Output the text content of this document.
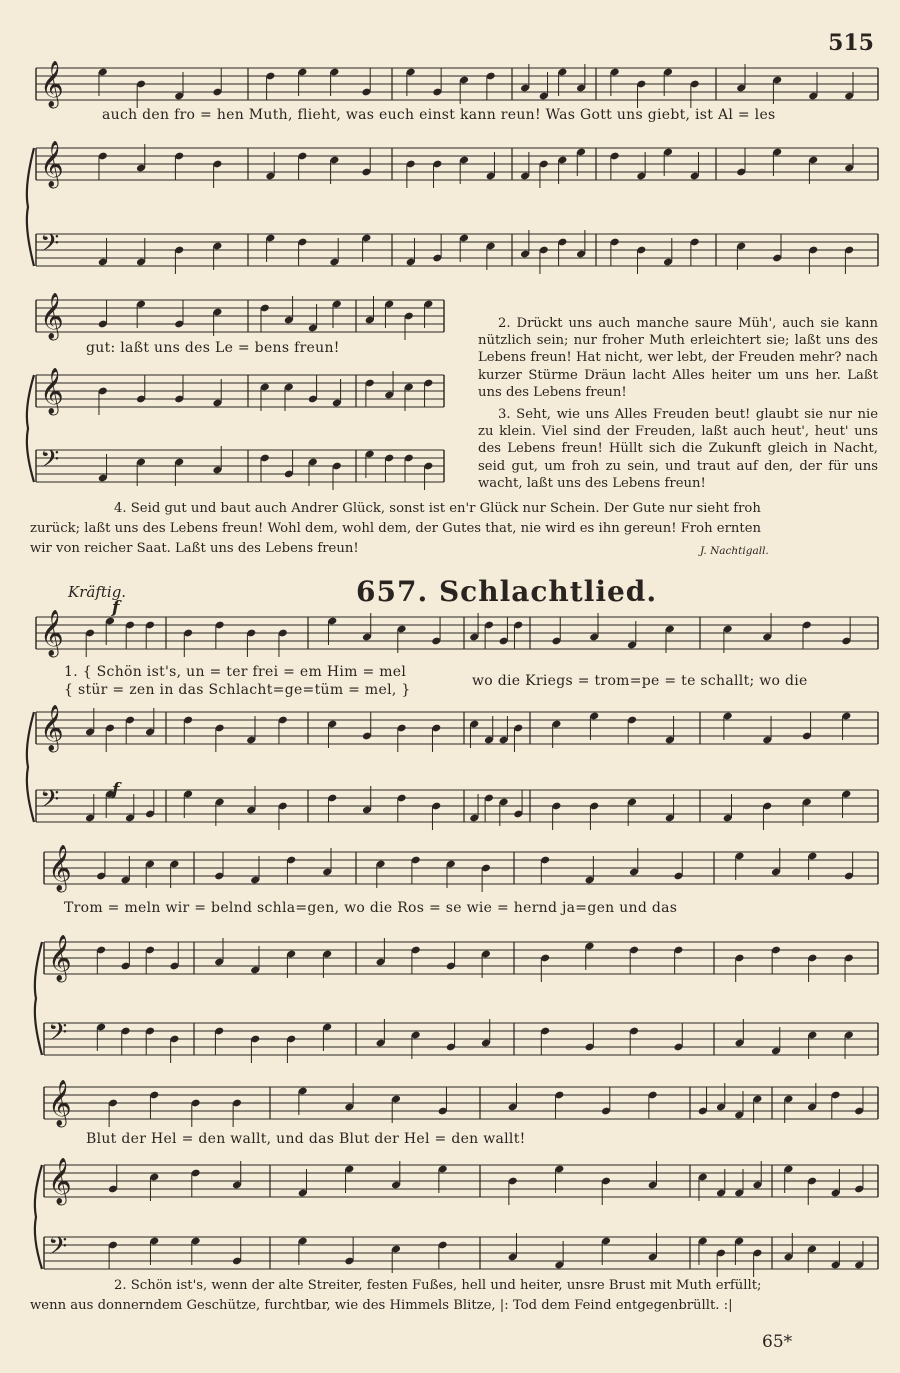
𝄞
𝄞
𝄢
𝄞
𝄞
𝄢
𝄞
𝄞
𝄢
𝄞
𝄞
𝄢
𝄞
𝄞
𝄢
515
auch den fro = hen Muth, flieht, was euch einst kann reun! Was Gott uns giebt, ist Al = les
gut: laßt uns des Le = bens freun!

2. Drückt uns auch manche saure Müh', auch sie kann nützlich sein; nur froher Muth erleichtert sie; laßt uns des Lebens freun! Hat nicht, wer lebt, der Freuden mehr? nach kurzer Stürme Dräun lacht Alles heiter um uns her. Laßt uns des Lebens freun!

3. Seht, wie uns Alles Freuden beut! glaubt sie nur nie zu klein. Viel sind der Freuden, laßt auch heut', heut' uns des Lebens freun! Hüllt sich die Zukunft gleich in Nacht, seid gut, um froh zu sein, und traut auf den, der für uns wacht, laßt uns des Lebens freun!

4. Seid gut und baut auch Andrer Glück, sonst ist en'r Glück nur Schein. Der Gute nur sieht froh
zurück; laßt uns des Lebens freun! Wohl dem, wohl dem, der Gutes that, nie wird es ihn gereun! Froh ernten
wir von reicher Saat. Laßt uns des Lebens freun!	J. Nachtigall.
Kräftig.
f
f
657. Schlachtlied.
1. { Schön ist's, un = ter frei = em Him = mel
{ stür = zen in das Schlacht=ge=tüm = mel, }
wo die Kriegs = trom=pe = te schallt; wo die
Trom = meln wir = belnd schla=gen, wo die Ros = se wie = hernd ja=gen und das
Blut der Hel = den wallt, und das Blut der Hel = den wallt!
2. Schön ist's, wenn der alte Streiter, festen Fußes, hell und heiter, unsre Brust mit Muth erfüllt;
wenn aus donnerndem Geschütze, furchtbar, wie des Himmels Blitze, |: Tod dem Feind entgegenbrüllt. :|
65*
